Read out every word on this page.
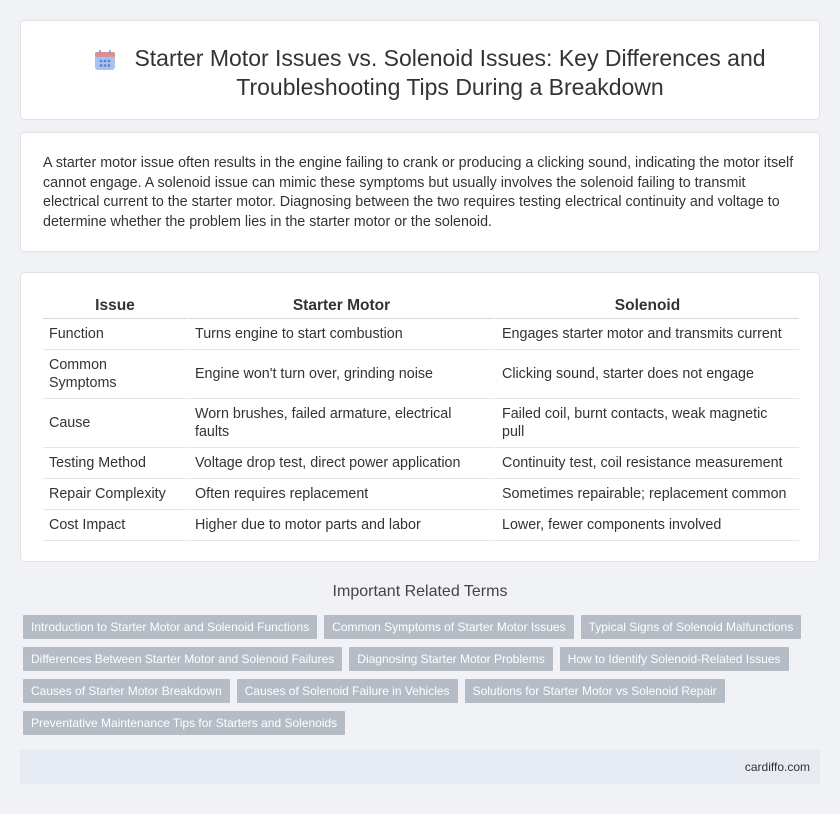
Starter Motor Issues vs. Solenoid Issues: Key Differences and Troubleshooting Tips During a Breakdown

A starter motor issue often results in the engine failing to crank or producing a clicking sound, indicating the motor itself cannot engage. A solenoid issue can mimic these symptoms but usually involves the solenoid failing to transmit electrical current to the starter motor. Diagnosing between the two requires testing electrical continuity and voltage to determine whether the problem lies in the starter motor or the solenoid.

Issue	Starter Motor	Solenoid
Function	Turns engine to start combustion	Engages starter motor and transmits current
Common Symptoms	Engine won't turn over, grinding noise	Clicking sound, starter does not engage
Cause	Worn brushes, failed armature, electrical faults	Failed coil, burnt contacts, weak magnetic pull
Testing Method	Voltage drop test, direct power application	Continuity test, coil resistance measurement
Repair Complexity	Often requires replacement	Sometimes repairable; replacement common
Cost Impact	Higher due to motor parts and labor	Lower, fewer components involved
Important Related Terms
Introduction to Starter Motor and Solenoid Functions	Common Symptoms of Starter Motor Issues	Typical Signs of Solenoid Malfunctions
Differences Between Starter Motor and Solenoid Failures	Diagnosing Starter Motor Problems	How to Identify Solenoid-Related Issues
Causes of Starter Motor Breakdown	Causes of Solenoid Failure in Vehicles	Solutions for Starter Motor vs Solenoid Repair
Preventative Maintenance Tips for Starters and Solenoids
cardiffo.com
